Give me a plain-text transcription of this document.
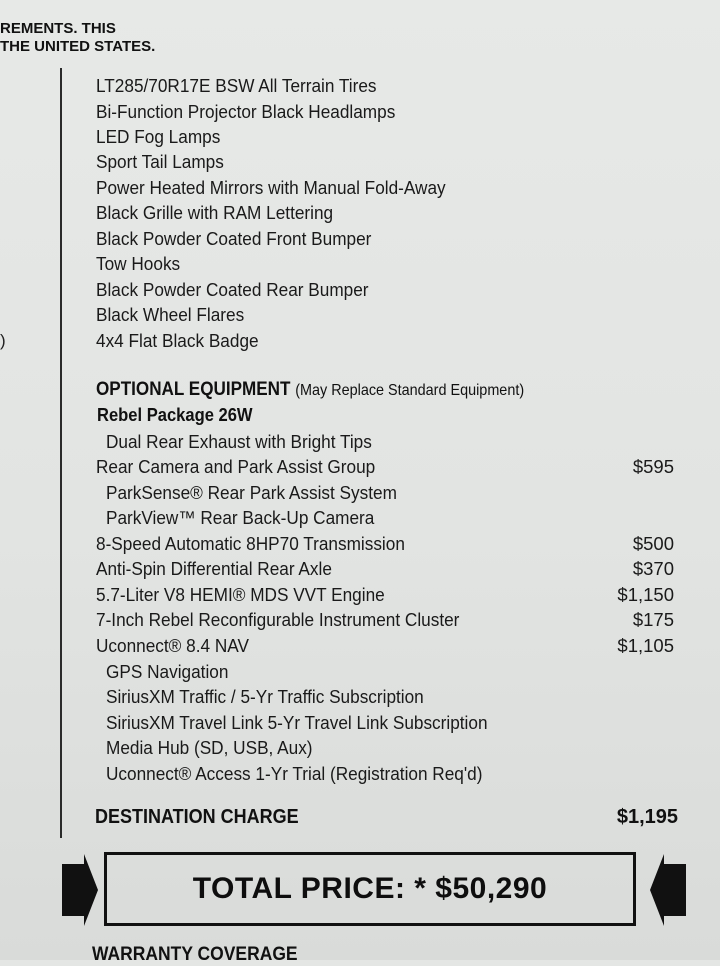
REMENTS. THIS
THE UNITED STATES.
)
LT285/70R17E BSW All Terrain Tires
Bi-Function Projector Black Headlamps
LED Fog Lamps
Sport Tail Lamps
Power Heated Mirrors with Manual Fold-Away
Black Grille with RAM Lettering
Black Powder Coated Front Bumper
Tow Hooks
Black Powder Coated Rear Bumper
Black Wheel Flares
4x4 Flat Black Badge
OPTIONAL EQUIPMENT (May Replace Standard Equipment)
Rebel Package 26W
Dual Rear Exhaust with Bright Tips
Rear Camera and Park Assist Group	$595
ParkSense® Rear Park Assist System
ParkView™ Rear Back-Up Camera
8-Speed Automatic 8HP70 Transmission	$500
Anti-Spin Differential Rear Axle	$370
5.7-Liter V8 HEMI® MDS VVT Engine	$1,150
7-Inch Rebel Reconfigurable Instrument Cluster	$175
Uconnect® 8.4 NAV	$1,105
GPS Navigation
SiriusXM Traffic / 5-Yr Traffic Subscription
SiriusXM Travel Link 5-Yr Travel Link Subscription
Media Hub (SD, USB, Aux)
Uconnect® Access 1-Yr Trial (Registration Req'd)
DESTINATION CHARGE	$1,195
TOTAL PRICE: * $50,290
WARRANTY COVERAGE
